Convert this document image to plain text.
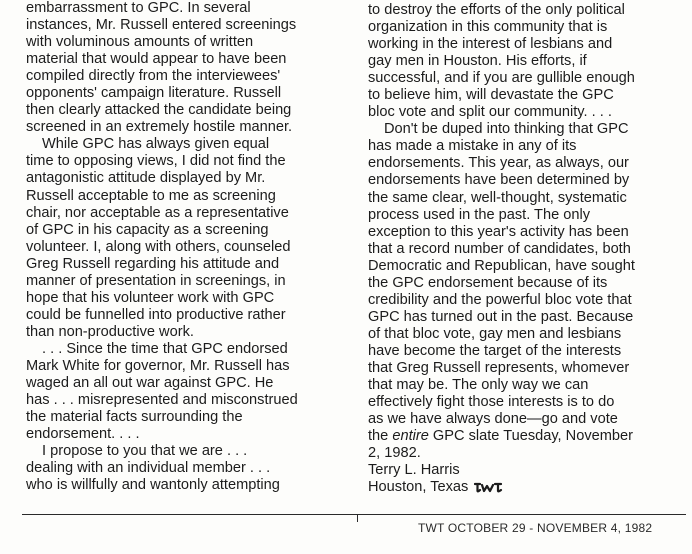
embarrassment to GPC. In several
instances, Mr. Russell entered screenings
with voluminous amounts of written
material that would appear to have been
compiled directly from the interviewees'
opponents' campaign literature. Russell
then clearly attacked the candidate being
screened in an extremely hostile manner.
While GPC has always given equal
time to opposing views, I did not find the
antagonistic attitude displayed by Mr.
Russell acceptable to me as screening
chair, nor acceptable as a representative
of GPC in his capacity as a screening
volunteer. I, along with others, counseled
Greg Russell regarding his attitude and
manner of presentation in screenings, in
hope that his volunteer work with GPC
could be funnelled into productive rather
than non-productive work.
. . . Since the time that GPC endorsed
Mark White for governor, Mr. Russell has
waged an all out war against GPC. He
has . . . misrepresented and misconstrued
the material facts surrounding the
endorsement. . . .
I propose to you that we are . . .
dealing with an individual member . . .
who is willfully and wantonly attempting
to destroy the efforts of the only political
organization in this community that is
working in the interest of lesbians and
gay men in Houston. His efforts, if
successful, and if you are gullible enough
to believe him, will devastate the GPC
bloc vote and split our community. . . .
Don't be duped into thinking that GPC
has made a mistake in any of its
endorsements. This year, as always, our
endorsements have been determined by
the same clear, well-thought, systematic
process used in the past. The only
exception to this year's activity has been
that a record number of candidates, both
Democratic and Republican, have sought
the GPC endorsement because of its
credibility and the powerful bloc vote that
GPC has turned out in the past. Because
of that bloc vote, gay men and lesbians
have become the target of the interests
that Greg Russell represents, whomever
that may be. The only way we can
effectively fight those interests is to do
as we have always done—go and vote
the entire GPC slate Tuesday, November
2, 1982.
Terry L. Harris
Houston, Texas
TWT OCTOBER 29 - NOVEMBER 4, 1982
